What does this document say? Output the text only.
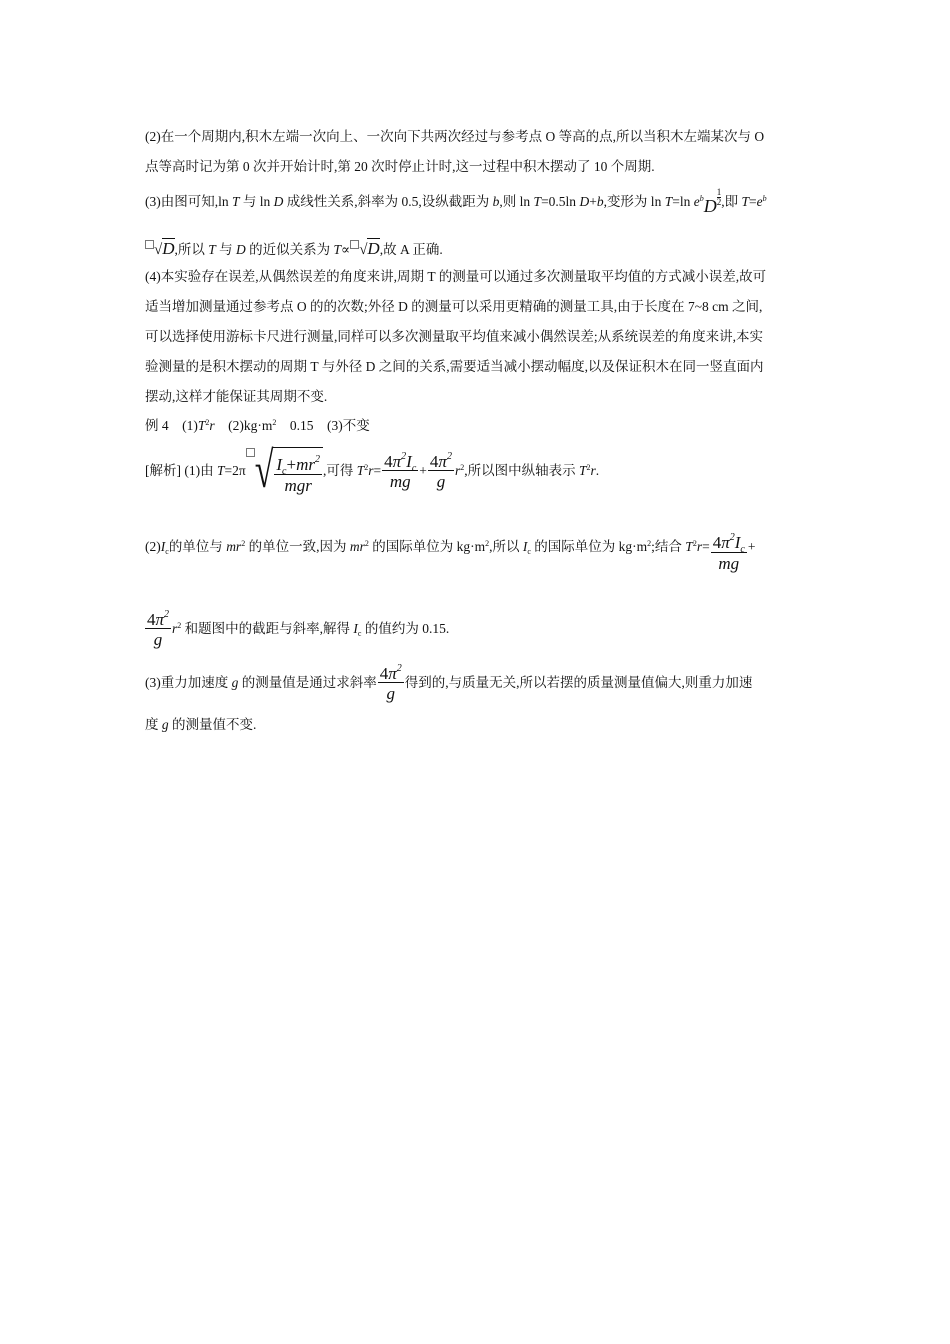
(2)在一个周期内,积木左端一次向上、一次向下共两次经过与参考点 O 等高的点,所以当积木左端某次与 O
点等高时记为第 0 次并开始计时,第 20 次时停止计时,这一过程中积木摆动了 10 个周期.
(3)由图可知,ln T 与 ln D 成线性关系,斜率为 0.5,设纵截距为 b,则 ln T=0.5ln D+b,变形为 ln T=ln $e^bD\frac{1}{2}$ ,即 $T=e^b$
√D,所以 T 与 D 的近似关系为 T∝ √D,故 A 正确.
(4)本实验存在误差,从偶然误差的角度来讲,周期 T 的测量可以通过多次测量取平均值的方式减小误差,故可
适当增加测量通过参考点 O 的的次数;外径 D 的测量可以采用更精确的测量工具,由于长度在 7~8 cm 之间,
可以选择使用游标卡尺进行测量,同样可以多次测量取平均值来减小偶然误差;从系统误差的角度来讲,本实
验测量的是积木摆动的周期 T 与外径 D 之间的关系,需要适当减小摆动幅度,以及保证积木在同一竖直面内
摆动,这样才能保证其周期不变.
例 4 $(1)T^2r$ $(2)kg\cdot m^2$ 0.15 (3)不变
[解析] (1)由 T=2π √ $\frac{I_c+mr^2}{\text{mgr}}$ ,可得 $T^2r= \frac{4\pi^2I_c}{mg} + \frac{4\pi^2}{g} r^2$,所以图中纵轴表示 $T^2r$.
$(2)I_c$的单位与 $mr^2$ 的单位一致,因为 $mr^2$ 的国际单位为 $kg\cdot m^2$,所以 $I_c$ 的国际单位为 $kg\cdot m^2$;结合 $T^2r= \frac{4\pi^2I_c}{mg}$ +
$\frac{4\pi^2}{g} r^2$ 和题图中的截距与斜率,解得 $I_c$ 的值约为 0.15.
(3)重力加速度 g 的测量值是通过求斜率 $\frac{4\pi^2}{g}$ 得到的,与质量无关,所以若摆的质量测量值偏大,则重力加速
度 g 的测量值不变.
